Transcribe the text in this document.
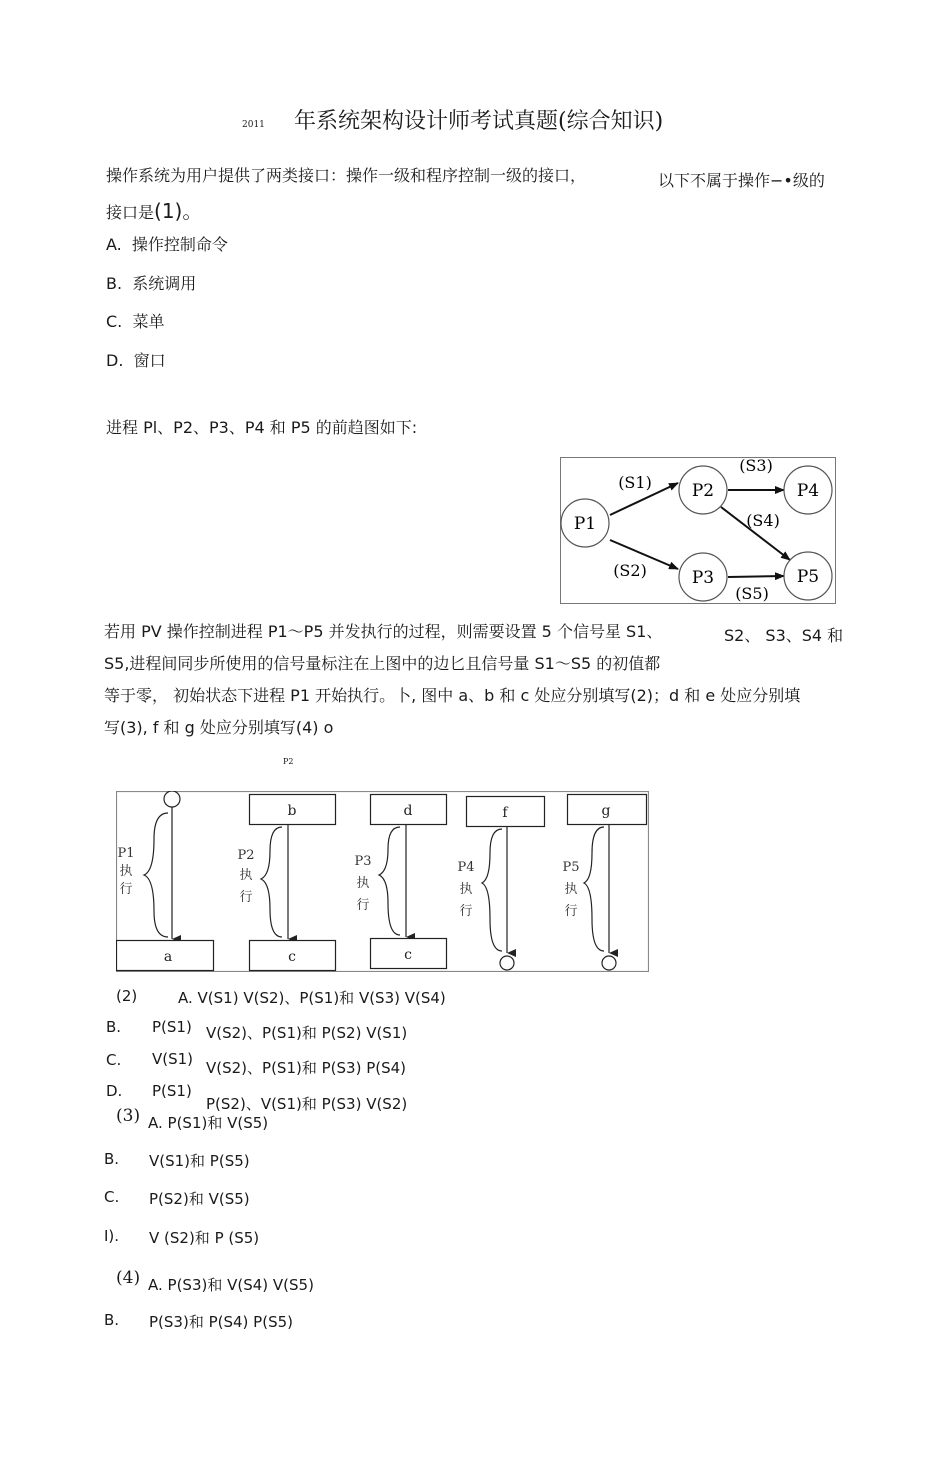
2011 年系统架构设计师考试真题(综合知识)
操作系统为用户提供了两类接口：操作一级和程序控制一级的接口，	以下不属于操作−•级的
接口是(1)。
A. 操作控制命令
B. 系统调用
C. 菜单
D. 窗口
进程 Pl、P2、P3、P4 和 P5 的前趋图如下:
P1
P2
P3
P4
P5
(S1)
(S2)
(S3)
(S4)
(S5)
若用 PV 操作控制进程 P1〜P5 并发执行的过程，则需要设置 5 个信号星 S1、	S2、 S3、S4 和
S5,进程间同步所使用的信号量标注在上图中的边匕且信号量 S1〜S5 的初值都
等于零， 初始状态下进程 P1 开始执行。卜, 图中 a、b 和 c 处应分别填写(2)；d 和 e 处应分别填
写(3), f 和 g 处应分别填写(4) o
P2
b	d	f	g
a	c	c
P1
执
行
P2
执
行
P3
执
行
P4
执
行
P5
执
行
(2)	A. V(S1) V(S2)、P(S1)和 V(S3) V(S4)
B. P(S1) V(S2)、P(S1)和 P(S2) V(S1)
C. V(S1) V(S2)、P(S1)和 P(S3) P(S4)
D. P(S1)
P(S2)、V(S1)和 P(S3) V(S2)
(3) A. P(S1)和 V(S5)
B. V(S1)和 P(S5)
C. P(S2)和 V(S5)
I). V (S2)和 P (S5)
(4) A. P(S3)和 V(S4) V(S5)
B. P(S3)和 P(S4) P(S5)
